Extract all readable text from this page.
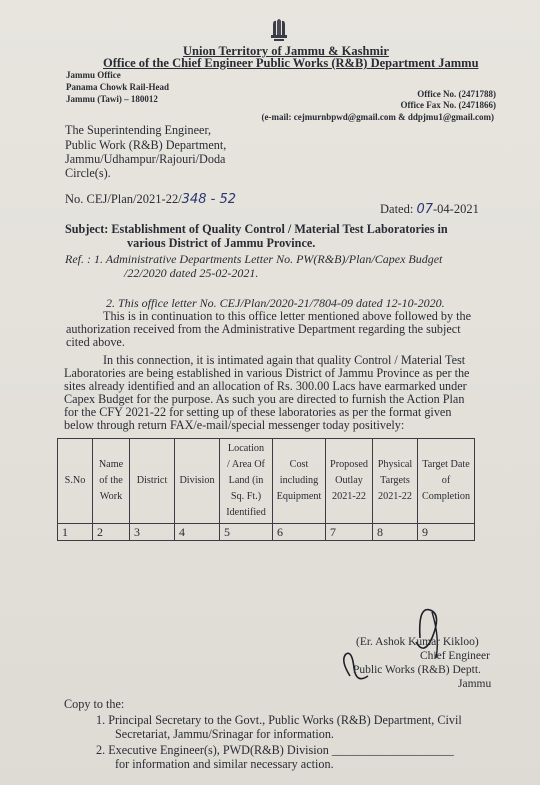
Union Territory of Jammu & Kashmir
Office of the Chief Engineer Public Works (R&B) Department Jammu
Jammu Office
Panama Chowk Rail-Head
Jammu (Tawi) – 180012	Office No. (2471788)
Office Fax No. (2471866)
(e-mail: cejmurnbpwd@gmail.com & ddpjmu1@gmail.com)
The Superintending Engineer,
Public Work (R&B) Department,
Jammu/Udhampur/Rajouri/Doda
Circle(s).
No. CEJ/Plan/2021-22/348 - 52
Dated: 07-04-2021
Subject: Establishment of Quality Control / Material Test Laboratories in
various District of Jammu Province.
Ref. : 1. Administrative Departments Letter No. PW(R&B)/Plan/Capex Budget
/22/2020 dated 25-02-2021.
2. This office letter No. CEJ/Plan/2020-21/7804-09 dated 12-10-2020.
This is in continuation to this office letter mentioned above followed by the
authorization received from the Administrative Department regarding the subject
cited above.
In this connection, it is intimated again that quality Control / Material Test
Laboratories are being established in various District of Jammu Province as per the
sites already identified and an allocation of Rs. 300.00 Lacs have earmarked under
Capex Budget for the purpose. As such you are directed to furnish the Action Plan
for the CFY 2021-22 for setting up of these laboratories as per the format given
below through return FAX/e-mail/special messenger today positively:
S.No	Name
of the
Work	District	Division	Location
/ Area Of
Land (in
Sq. Ft.)
Identified	Cost
including
Equipment	Proposed
Outlay
2021-22	Physical
Targets
2021-22	Target Date
of
Completion
1	2	3	4	5	6	7	8	9
(Er. Ashok Kumar Kikloo)
Chief Engineer
Public Works (R&B) Deptt.
Jammu
Copy to the:
1. Principal Secretary to the Govt., Public Works (R&B) Department, Civil
Secretariat, Jammu/Srinagar for information.
2. Executive Engineer(s), PWD(R&B) Division ____________________
for information and similar necessary action.
